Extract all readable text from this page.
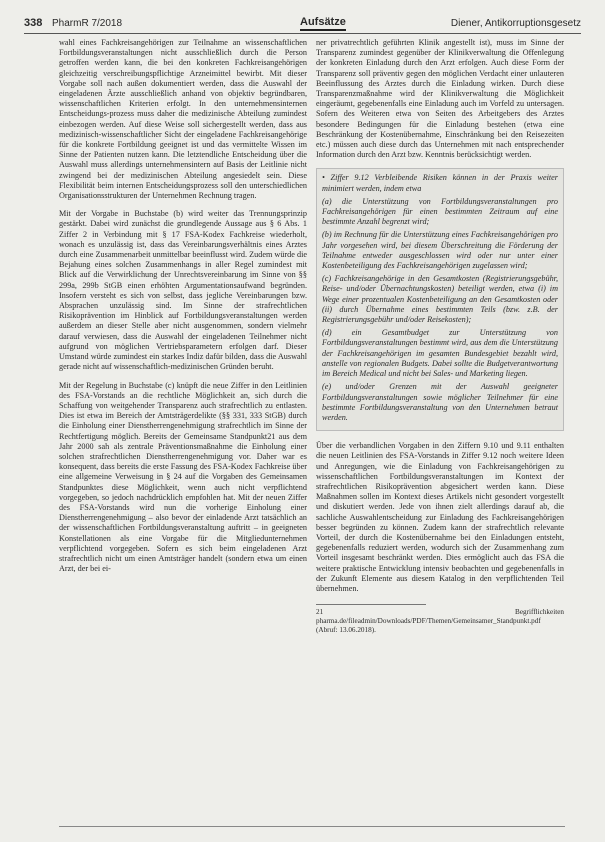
338 PharmR 7/2018	Aufsätze	Diener, Antikorruptionsgesetz

wahl eines Fachkreisangehörigen zur Teilnahme an wissenschaftlichen Fortbildungsveranstaltungen nicht ausschließlich durch die Person getroffen werden kann, die bei den konkreten Fachkreisangehörigen gleichzeitig verschreibungspflichtige Arzneimittel bewirbt. Mit dieser Vorgabe soll nach außen dokumentiert werden, dass die Auswahl der eingeladenen Ärzte ausschließlich anhand von objektiv begründbaren, wissenschaftlichen Kriterien erfolgt. In den unternehmensinternen Entscheidungs-prozess muss daher die medizinische Abteilung zumindest einbezogen werden. Auf diese Weise soll sichergestellt werden, dass aus medizinisch-wissenschaftlicher Sicht der eingeladene Fachkreisangehörige für die konkrete Fortbildung geeignet ist und das vermittelte Wissen im Sinne der Patienten nutzen kann. Die letztendliche Entscheidung über die Auswahl muss allerdings unternehmensintern auf Basis der Leitlinie nicht zwingend bei der medizinischen Abteilung angesiedelt sein. Diese Flexibilität beim internen Entscheidungsprozess soll den unterschiedlichen Organisationsstrukturen der Unternehmen Rechnung tragen.

Mit der Vorgabe in Buchstabe (b) wird weiter das Trennungsprinzip gestärkt. Dabei wird zunächst die grundlegende Aussage aus § 6 Abs. 1 Ziffer 2 in Verbindung mit § 17 FSA-Kodex Fachkreise wiederholt, wonach es unzulässig ist, dass das Vereinbarungsverhältnis eines Arztes durch eine Zusammenarbeit unmittelbar beeinflusst wird. Zudem würde die Bejahung eines solchen Zusammenhangs in aller Regel zumindest mit Blick auf die Verwirklichung der Unrechtsvereinbarung im Sinne von §§ 299a, 299b StGB einen erhöhten Argumentationsaufwand begründen. Insofern versteht es sich von selbst, dass jegliche Vereinbarungen bzw. Absprachen unzulässig sind. Im Sinne der strafrechtlichen Risikoprävention im Hinblick auf Fortbildungsveranstaltungen werden außerdem an dieser Stelle aber nicht ausgenommen, sondern vielmehr darauf verwiesen, dass die Auswahl der eingeladenen Teilnehmer nicht aufgrund von möglichen Vertriebsparametern erfolgen darf. Dieser Umstand würde zumindest ein starkes Indiz dafür bilden, dass die Auswahl gerade nicht auf wissenschaftlich-medizinischen Gründen beruht.

Mit der Regelung in Buchstabe (c) knüpft die neue Ziffer in den Leitlinien des FSA-Vorstands an die rechtliche Möglichkeit an, sich durch die Schaffung von weitgehender Transparenz auch strafrechtlich zu entlasten. Dies ist etwa im Bereich der Amtsträgerdelikte (§§ 331, 333 StGB) durch die Einholung einer Dienstherrengenehmigung strafrechtlich im Sinne der Rechtfertigung möglich. Bereits der Gemeinsame Standpunkt21 aus dem Jahr 2000 sah als zentrale Präventionsmaßnahme die Einholung einer solchen strafrechtlichen Dienstherrengenehmigung vor. Daher war es konsequent, dass bereits die erste Fassung des FSA-Kodex Fachkreise über eine allgemeine Verweisung in § 24 auf die Vorgaben des Gemeinsamen Standpunktes diese Möglichkeit, wenn auch nicht verpflichtend vorgegeben, so jedoch nachdrücklich empfohlen hat. Mit der neuen Ziffer des FSA-Vorstands wird nun die vorherige Einholung einer Dienstherrengenehmigung – also bevor der einladende Arzt tatsächlich an der wissenschaftlichen Fortbildungsveranstaltung auftritt – in geeigneten Konstellationen als eine Vorgabe für die Mitgliedunternehmen verpflichtend vorgegeben. Sofern es sich beim eingeladenen Arzt strafrechtlich nicht um einen Amtsträger handelt (sondern etwa um einen Arzt, der bei ei-

ner privatrechtlich geführten Klinik angestellt ist), muss im Sinne der Transparenz zumindest gegenüber der Klinikverwaltung die Offenlegung der konkreten Einladung durch den Arzt erfolgen. Auch diese Form der Transparenz soll präventiv gegen den möglichen Verdacht einer unlauteren Beeinflussung des Arztes durch die Einladung wirken. Durch diese Transparenzmaßnahme wird der Klinikverwaltung die Möglichkeit eingeräumt, gegebenenfalls eine Einladung auch im Vorfeld zu untersagen. Sofern des Weiteren etwa von Seiten des Arbeitgebers des Arztes besondere Bedingungen für die Einladung bestehen (etwa eine Beschränkung der Kostenübernahme, Einschränkung bei den Reisezeiten etc.) müssen auch diese durch das Unternehmen mit nach entsprechender Information durch den Arzt bzw. Kenntnis berücksichtigt werden.

• Ziffer 9.12 Verbleibende Risiken können in der Praxis weiter minimiert werden, indem etwa
(a) die Unterstützung von Fortbildungsveranstaltungen pro Fachkreisangehörigen für einen bestimmten Zeitraum auf eine bestimmte Anzahl begrenzt wird;
(b) im Rechnung für die Unterstützung eines Fachkreisangehörigen pro Jahr vorgesehen wird, bei diesem Überschreitung die Förderung der Teilnahme entweder ausgeschlossen wird oder nur unter einer Kostenbeteiligung des Fachkreisangehörigen zugelassen wird;
(c) Fachkreisangehörige in den Gesamtkosten (Registrierungsgebühr, Reise- und/oder Übernachtungskosten) beteiligt werden, etwa (i) im Wege einer prozentualen Kostenbeteiligung an den Gesamtkosten oder (ii) durch Übernahme eines bestimmten Teils (bzw. z.B. der Registrierungsgebühr und/oder Reisekosten);
(d) ein Gesamtbudget zur Unterstützung von Fortbildungsveranstaltungen bestimmt wird, aus dem die Unterstützung der Fachkreisangehörigen im gesamten Bundesgebiet bezahlt wird, anstelle von regionalen Budgets. Dabei sollte die Budgetverantwortung im Bereich Medical und nicht bei Sales- und Marketing liegen.
(e) und/oder Grenzen mit der Auswahl geeigneter Fortbildungsveranstaltungen sowie möglicher Teilnehmer für eine bestimmte Fortbildungsveranstaltung von den Unternehmen betraut werden.

Über die verbandlichen Vorgaben in den Ziffern 9.10 und 9.11 enthalten die neuen Leitlinien des FSA-Vorstands in Ziffer 9.12 noch weitere Ideen und Anregungen, wie die Einladung von Fachkreisangehörigen zu wissenschaftlichen Fortbildungsveranstaltungen im Kontext der strafrechtlichen Risikoprävention abgesichert werden kann. Diese Maßnahmen sollen im Kontext dieses Artikels nicht gesondert vorgestellt und diskutiert werden. Jede von ihnen zielt allerdings darauf ab, die sachliche Auswahlentscheidung zur Einladung des Fachkreisangehörigen besser begründen zu können. Zudem kann der strafrechtlich relevante Vorteil, der durch die Kostenübernahme bei den Einladungen entsteht, gegebenenfalls reduziert werden, wodurch sich der Zusammenhang zum Vorteil insgesamt beschränkt werden. Dies ermöglicht auch das FSA die weitere praktische Entwicklung intensiv beobachten und gegebenenfalls in der Zukunft Elemente aus diesem Katalog in den verpflichtenden Teil übernehmen.

21 Begrifflichkeiten pharma.de/fileadmin/Downloads/PDF/Themen/Gemeinsamer_Standpunkt.pdf (Abruf: 13.06.2018).
